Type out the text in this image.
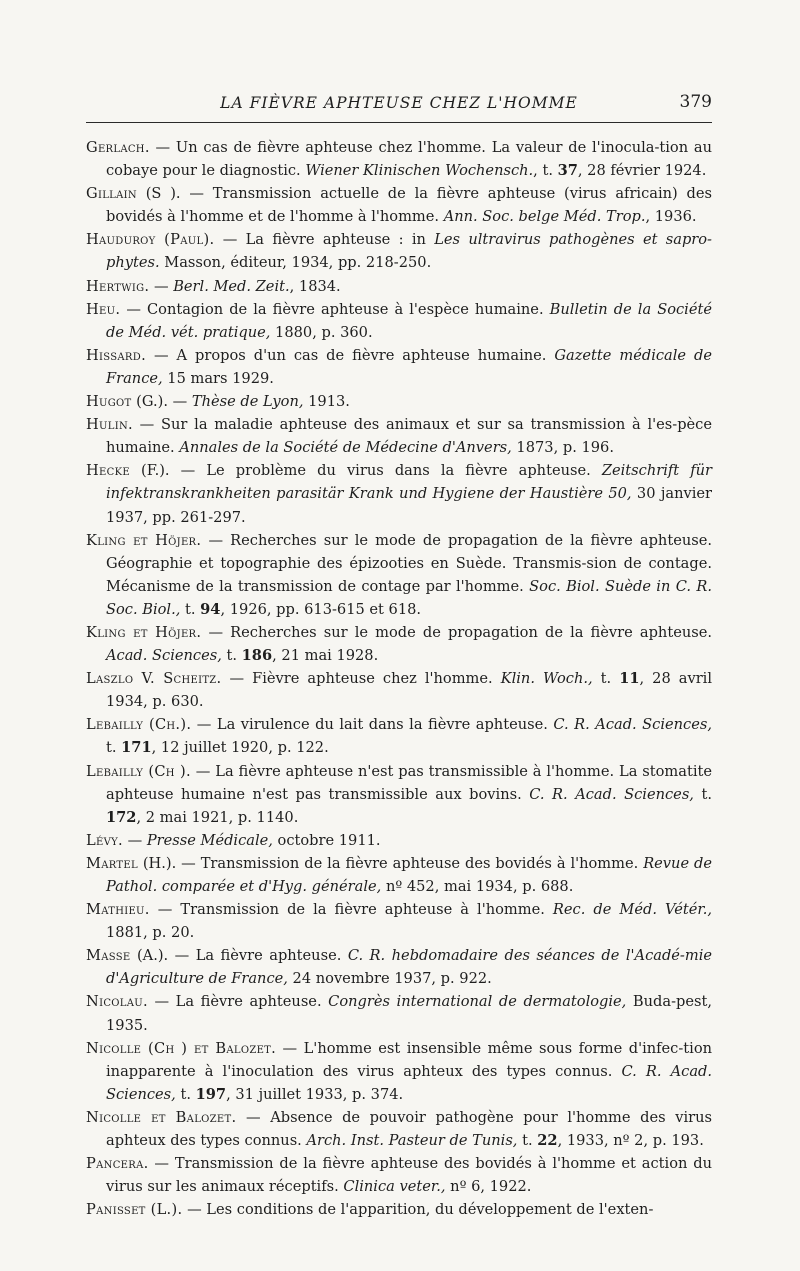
LA FIÈVRE APHTEUSE CHEZ L'HOMME	379

Gerlach. — Un cas de fièvre aphteuse chez l'homme. La valeur de l'inocula-tion au cobaye pour le diagnostic. Wiener Klinischen Wochensch., t. 37, 28 février 1924.

Gillain (S ). — Transmission actuelle de la fièvre aphteuse (virus africain) des bovidés à l'homme et de l'homme à l'homme. Ann. Soc. belge Méd. Trop., 1936.

Hauduroy (Paul). — La fièvre aphteuse : in Les ultravirus pathogènes et sapro-phytes. Masson, éditeur, 1934, pp. 218-250.

Hertwig. — Berl. Med. Zeit., 1834.

Heu. — Contagion de la fièvre aphteuse à l'espèce humaine. Bulletin de la Société de Méd. vét. pratique, 1880, p. 360.

Hissard. — A propos d'un cas de fièvre aphteuse humaine. Gazette médicale de France, 15 mars 1929.

Hugot (G.). — Thèse de Lyon, 1913.

Hulin. — Sur la maladie aphteuse des animaux et sur sa transmission à l'es-pèce humaine. Annales de la Société de Médecine d'Anvers, 1873, p. 196.

Hecke (F.). — Le problème du virus dans la fièvre aphteuse. Zeitschrift für infektranskrankheiten parasitär Krank und Hygiene der Haustière 50, 30 janvier 1937, pp. 261-297.

Kling et Höjer. — Recherches sur le mode de propagation de la fièvre aphteuse. Géographie et topographie des épizooties en Suède. Transmis-sion de contage. Mécanisme de la transmission de contage par l'homme. Soc. Biol. Suède in C. R. Soc. Biol., t. 94, 1926, pp. 613-615 et 618.

Kling et Höjer. — Recherches sur le mode de propagation de la fièvre aphteuse. Acad. Sciences, t. 186, 21 mai 1928.

Laszlo V. Scheitz. — Fièvre aphteuse chez l'homme. Klin. Woch., t. 11, 28 avril 1934, p. 630.

Lebailly (Ch.). — La virulence du lait dans la fièvre aphteuse. C. R. Acad. Sciences, t. 171, 12 juillet 1920, p. 122.

Lebailly (Ch ). — La fièvre aphteuse n'est pas transmissible à l'homme. La stomatite aphteuse humaine n'est pas transmissible aux bovins. C. R. Acad. Sciences, t. 172, 2 mai 1921, p. 1140.

Lévy. — Presse Médicale, octobre 1911.

Martel (H.). — Transmission de la fièvre aphteuse des bovidés à l'homme. Revue de Pathol. comparée et d'Hyg. générale, nº 452, mai 1934, p. 688.

Mathieu. — Transmission de la fièvre aphteuse à l'homme. Rec. de Méd. Vétér., 1881, p. 20.

Masse (A.). — La fièvre aphteuse. C. R. hebdomadaire des séances de l'Acadé-mie d'Agriculture de France, 24 novembre 1937, p. 922.

Nicolau. — La fièvre aphteuse. Congrès international de dermatologie, Buda-pest, 1935.

Nicolle (Ch ) et Balozet. — L'homme est insensible même sous forme d'infec-tion inapparente à l'inoculation des virus aphteux des types connus. C. R. Acad. Sciences, t. 197, 31 juillet 1933, p. 374.

Nicolle et Balozet. — Absence de pouvoir pathogène pour l'homme des virus aphteux des types connus. Arch. Inst. Pasteur de Tunis, t. 22, 1933, nº 2, p. 193.

Pancera. — Transmission de la fièvre aphteuse des bovidés à l'homme et action du virus sur les animaux réceptifs. Clinica veter., nº 6, 1922.

Panisset (L.). — Les conditions de l'apparition, du développement de l'exten-
